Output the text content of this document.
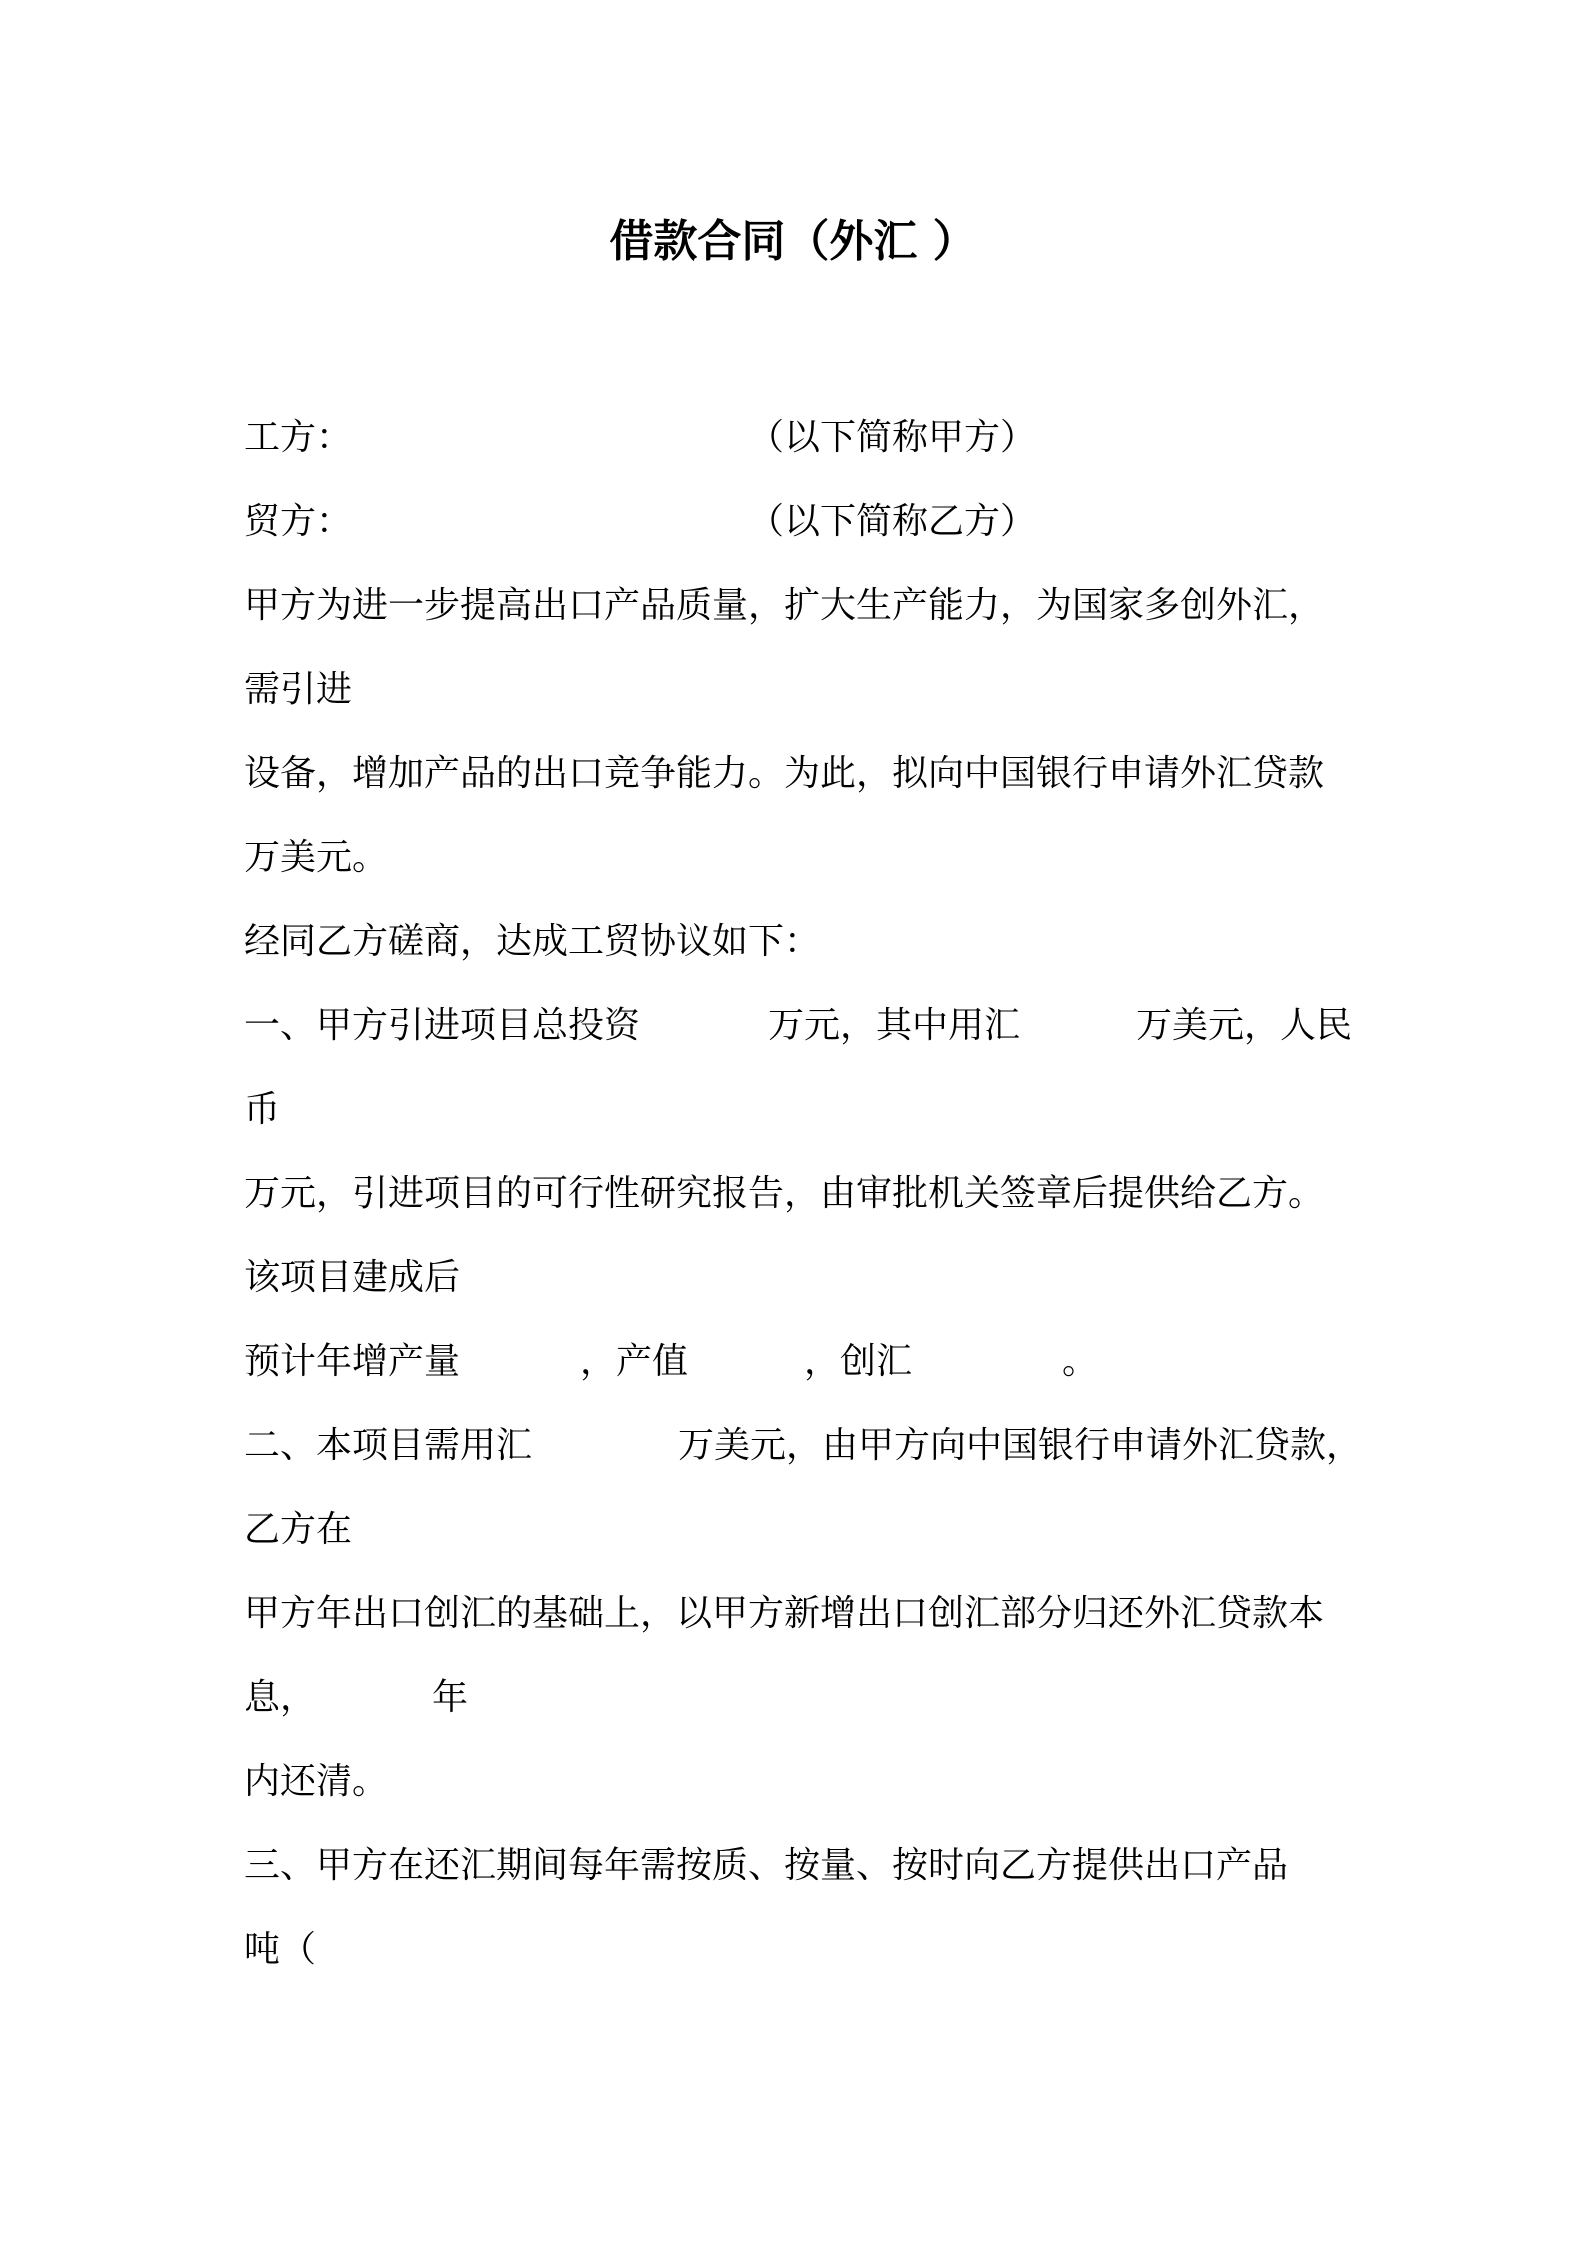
借款合同（外汇 ）

工方：

	（以下简称甲方）

贸方：

	（以下简称乙方）

甲方为进一步提高出口产品质量，扩大生产能力，为国家多创外汇，
需引进
设备，增加产品的出口竞争能力。为此，拟向中国银行申请外汇贷款
万美元。
经同乙方磋商，达成工贸协议如下：

一、甲方引进项目总投资

	万元，其中用汇

	万美元，人民

币
万元，引进项目的可行性研究报告，由审批机关签章后提供给乙方。
该项目建成后

预计年增产量

	，产值

	，创汇

	。

二、本项目需用汇

	万美元，由甲方向中国银行申请外汇贷款，

乙方在
甲方年出口创汇的基础上，以甲方新增出口创汇部分归还外汇贷款本

息，

	年

内还清。
三、甲方在还汇期间每年需按质、按量、按时向乙方提供出口产品
吨（
